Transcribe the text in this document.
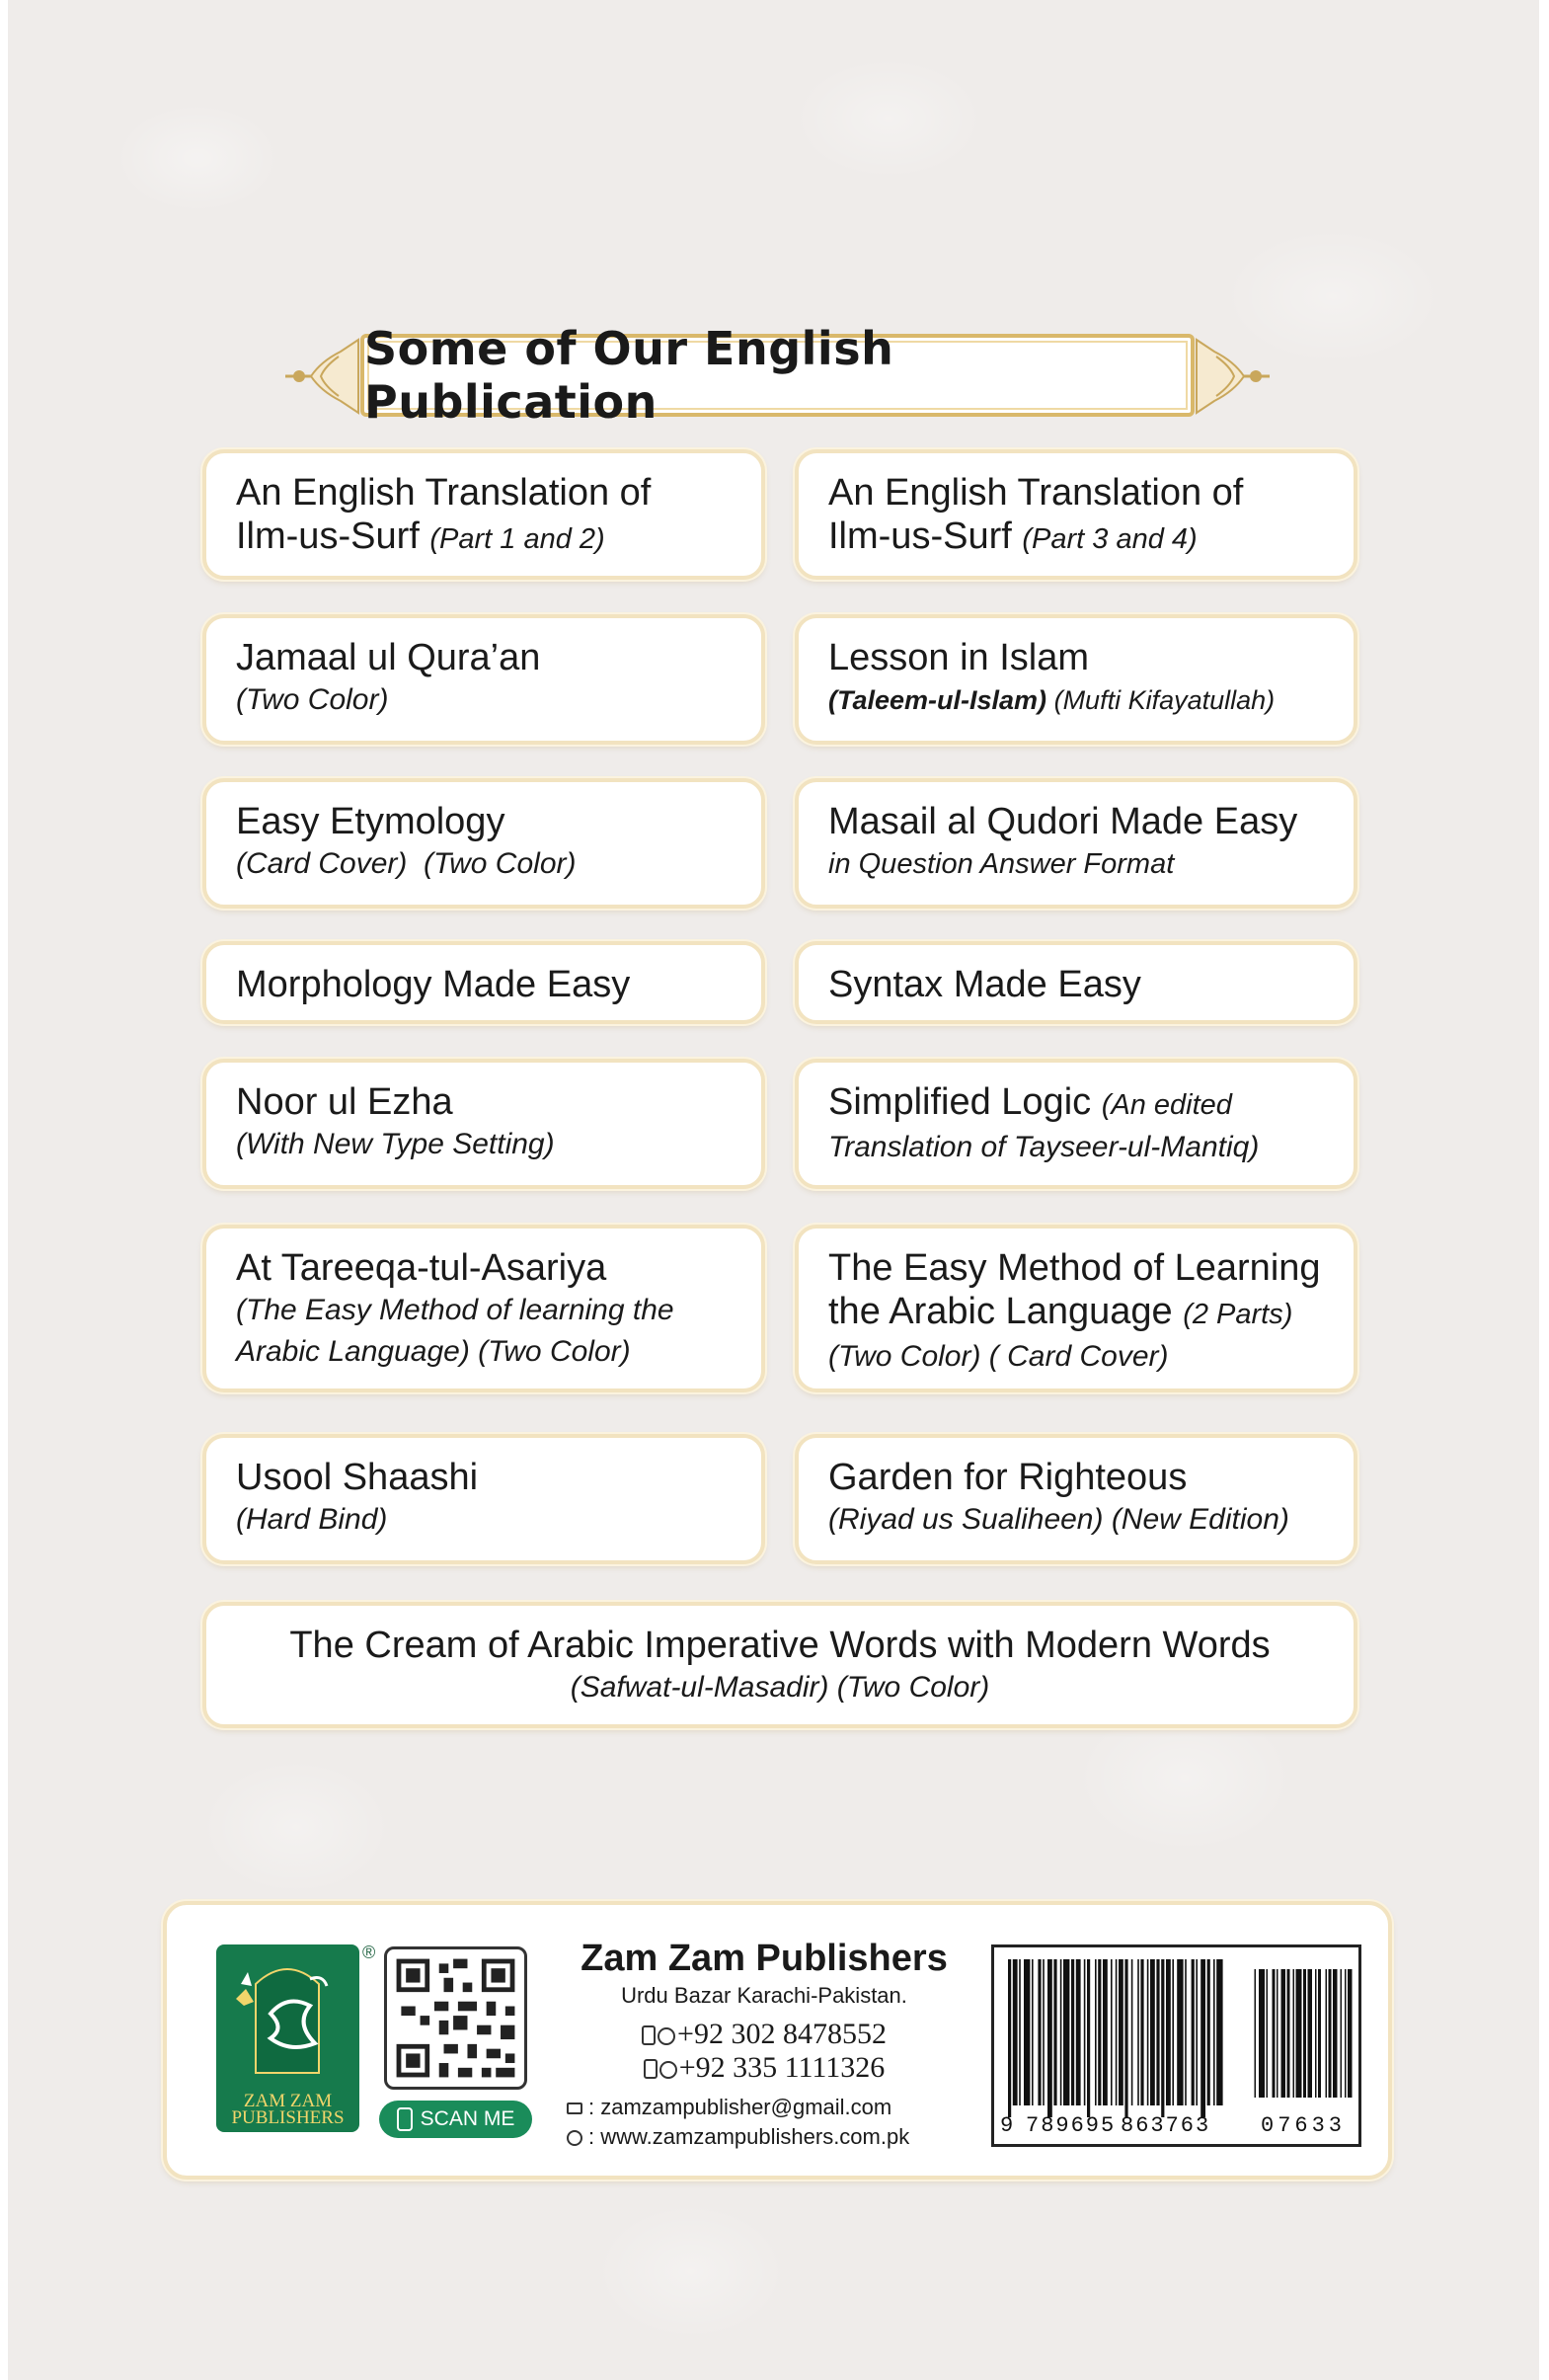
Some of Our English Publication
An English Translation of
Ilm-us-Surf (Part 1 and 2)
An English Translation of
Ilm-us-Surf (Part 3 and 4)
Jamaal ul Qura’an
(Two Color)
Lesson in Islam
(Taleem-ul-Islam) (Mufti Kifayatullah)
Easy Etymology
(Card Cover)  (Two Color)
Masail al Qudori Made Easy
in Question Answer Format
Morphology Made Easy	Syntax Made Easy
Noor ul Ezha
(With New Type Setting)
Simplified Logic (An edited
Translation of Tayseer-ul-Mantiq)
At Tareeqa-tul-Asariya
(The Easy Method of learning the
Arabic Language) (Two Color)
The Easy Method of Learning
the Arabic Language (2 Parts)
(Two Color) ( Card Cover)
Usool Shaashi
(Hard Bind)
Garden for Righteous
(Riyad us Sualiheen) (New Edition)
The Cream of Arabic Imperative Words with Modern Words
(Safwat-ul-Masadir) (Two Color)
ZAM ZAM
PUBLISHERS
®
SCAN ME
Zam Zam Publishers
Urdu Bazar Karachi-Pakistan.
+92 302 8478552
+92 335 1111326
: zamzampublisher@gmail.com
: www.zamzampublishers.com.pk	9 789695 863763 07633
